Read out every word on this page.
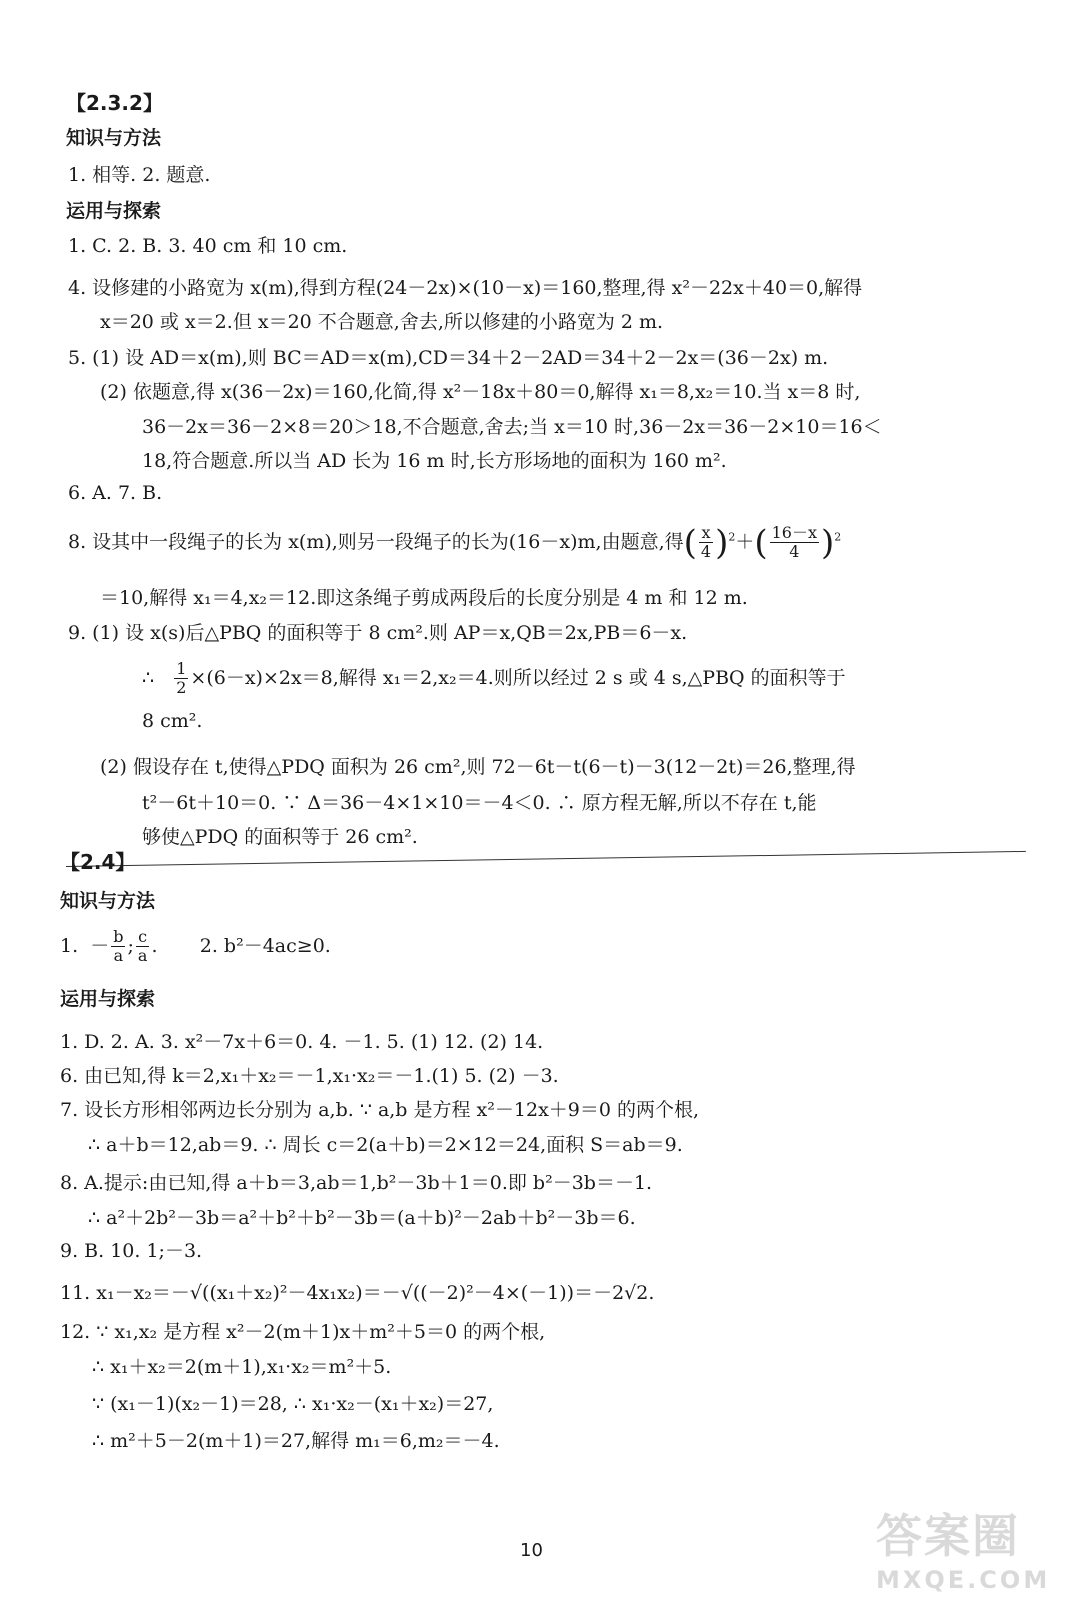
【2.3.2】
知识与方法
1. 相等. 2. 题意.
运用与探索
1. C. 2. B. 3. 40 cm 和 10 cm.
4. 设修建的小路宽为 x(m),得到方程(24－2x)×(10－x)＝160,整理,得 x²－22x＋40＝0,解得
x＝20 或 x＝2.但 x＝20 不合题意,舍去,所以修建的小路宽为 2 m.
5. (1) 设 AD＝x(m),则 BC＝AD＝x(m),CD＝34＋2－2AD＝34＋2－2x＝(36－2x) m.
(2) 依题意,得 x(36－2x)＝160,化简,得 x²－18x＋80＝0,解得 x₁＝8,x₂＝10.当 x＝8 时,
36－2x＝36－2×8＝20＞18,不合题意,舍去;当 x＝10 时,36－2x＝36－2×10＝16＜
18,符合题意.所以当 AD 长为 16 m 时,长方形场地的面积为 160 m².
6. A. 7. B.
8. 设其中一段绳子的长为 x(m),则另一段绳子的长为(16－x)m,由题意,得( $\frac{x}{4} )^2+( \frac{16-x}{4} )^2$
＝10,解得 x₁＝4,x₂＝12.即这条绳子剪成两段后的长度分别是 4 m 和 12 m.
9. (1) 设 x(s)后△PBQ 的面积等于 8 cm².则 AP＝x,QB＝2x,PB＝6－x.
∴ $\frac{1}{2} \times(6-x)\times 2x=8$,解得 x₁＝2,x₂＝4.则所以经过 2 s 或 4 s,△PBQ 的面积等于
8 cm².
(2) 假设存在 t,使得△PDQ 面积为 26 cm²,则 72－6t－t(6－t)－3(12－2t)＝26,整理,得
t²－6t＋10＝0. ∵ Δ＝36－4×1×10＝－4＜0. ∴ 原方程无解,所以不存在 t,能
够使△PDQ 的面积等于 26 cm².
【2.4】
知识与方法
1.  － $\frac{b}{a}$ ; $\frac{c}{a}$ .       2. b²－4ac≥0.
运用与探索
1. D. 2. A. 3. x²－7x＋6＝0. 4. －1. 5. (1) 12. (2) 14.
6. 由已知,得 k＝2,x₁＋x₂＝－1,x₁·x₂＝－1.(1) 5. (2) －3.
7. 设长方形相邻两边长分别为 a,b. ∵ a,b 是方程 x²－12x＋9＝0 的两个根,
∴ a＋b＝12,ab＝9. ∴ 周长 c＝2(a＋b)＝2×12＝24,面积 S＝ab＝9.
8. A.提示:由已知,得 a＋b＝3,ab＝1,b²－3b＋1＝0.即 b²－3b＝－1.
∴ a²＋2b²－3b＝a²＋b²＋b²－3b＝(a＋b)²－2ab＋b²－3b＝6.
9. B. 10. 1;－3.
11. x₁－x₂＝－√((x₁＋x₂)²－4x₁x₂)＝－√((－2)²－4×(－1))＝－2√2.
12. ∵ x₁,x₂ 是方程 x²－2(m＋1)x＋m²＋5＝0 的两个根,
∴ x₁＋x₂＝2(m＋1),x₁·x₂＝m²＋5.
∵ (x₁－1)(x₂－1)＝28, ∴ x₁·x₂－(x₁＋x₂)＝27,
∴ m²＋5－2(m＋1)＝27,解得 m₁＝6,m₂＝－4.
10	答案圈
MXQE.COM
